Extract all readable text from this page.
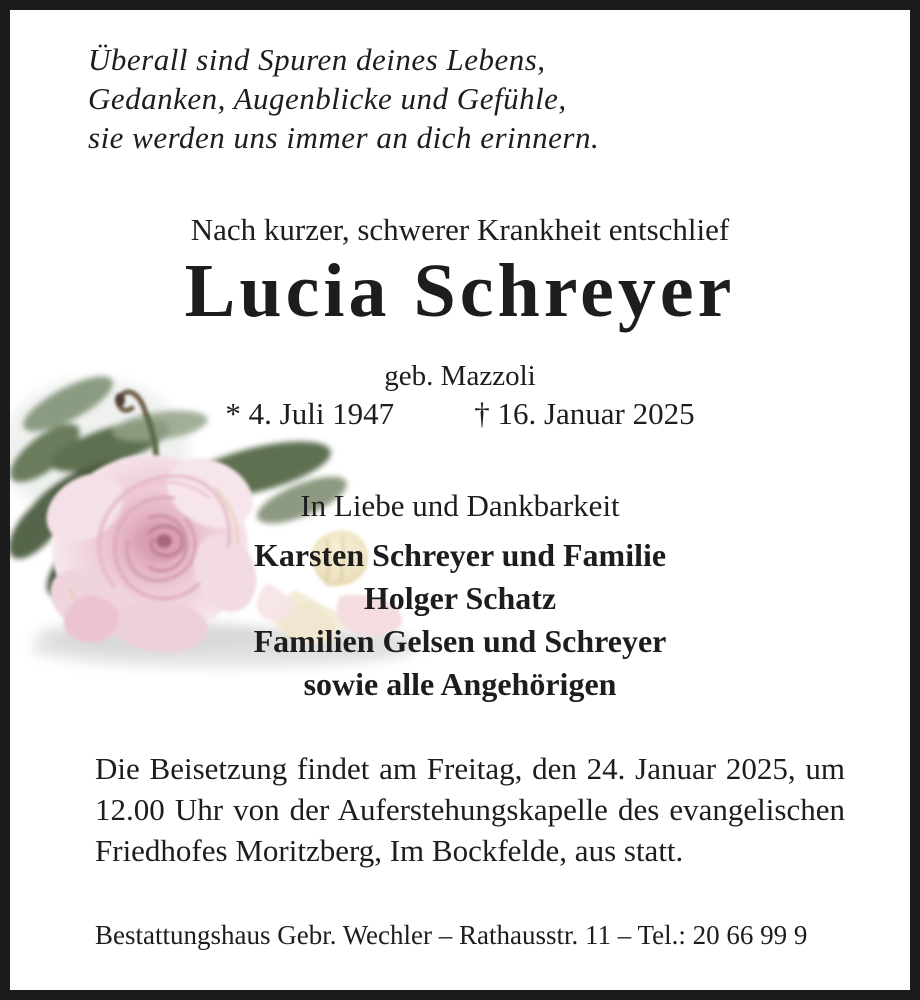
Überall sind Spuren deines Lebens,
Gedanken, Augenblicke und Gefühle,
sie werden uns immer an dich erinnern.
Nach kurzer, schwerer Krankheit entschlief
Lucia Schreyer
geb. Mazzoli
* 4. Juli 1947	† 16. Januar 2025
In Liebe und Dankbarkeit
Karsten Schreyer und Familie
Holger Schatz
Familien Gelsen und Schreyer
sowie alle Angehörigen
Die Beisetzung findet am Freitag, den 24. Januar 2025, um 12.00 Uhr von der Auferstehungskapelle des evangelischen Friedhofes Moritzberg, Im Bockfelde, aus statt.
Bestattungshaus Gebr. Wechler – Rathausstr. 11 – Tel.: 20 66 99 9
